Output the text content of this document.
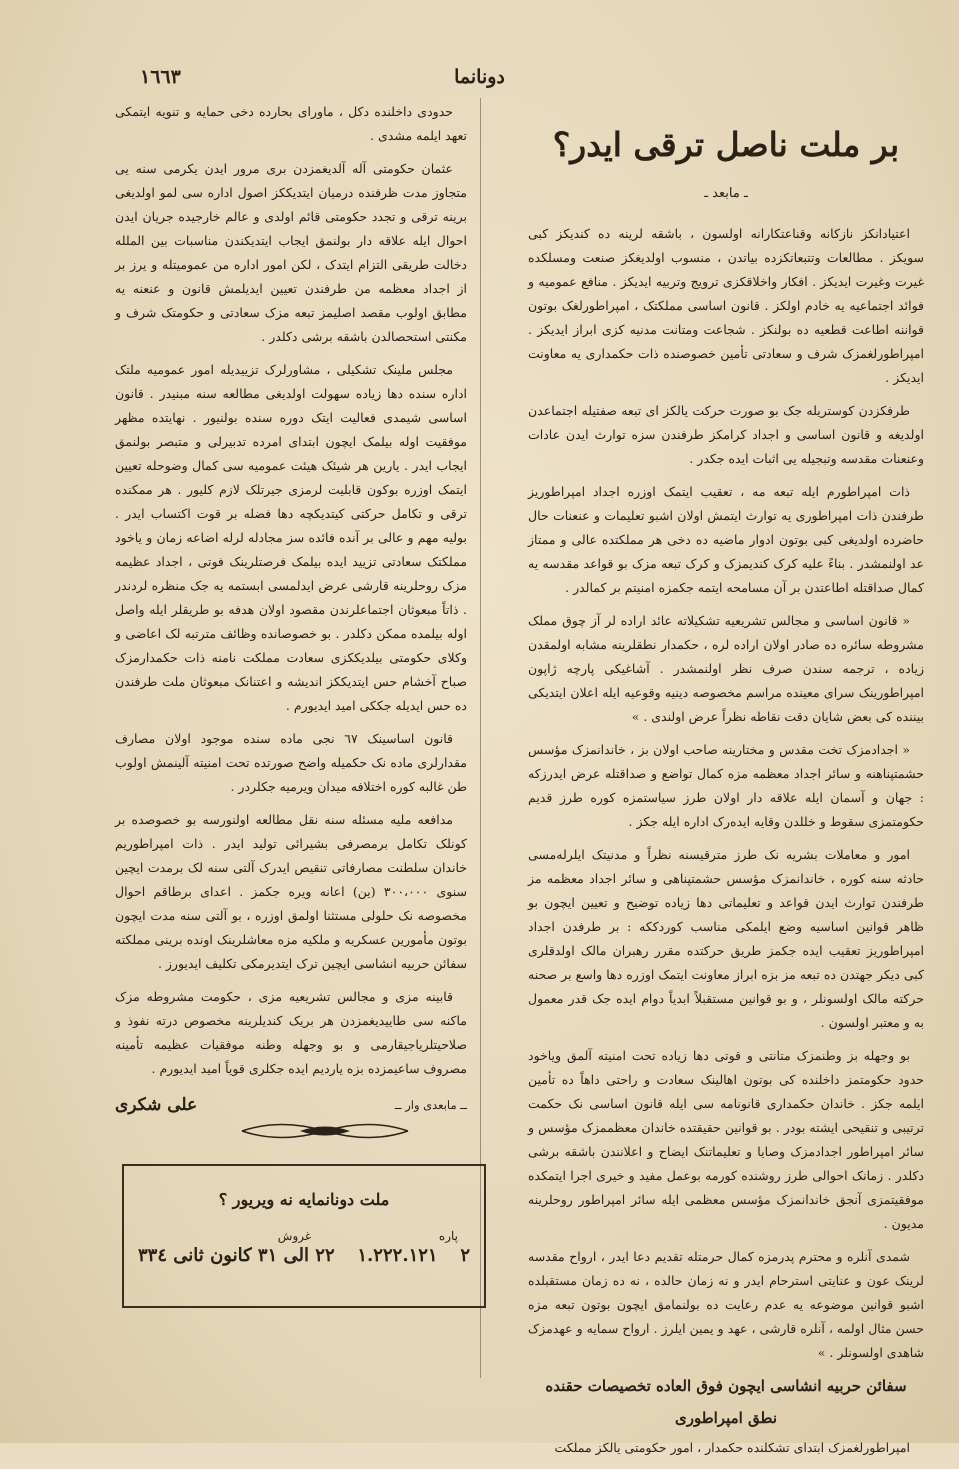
١٦٦٣	دونانما
بر ملت ناصل ترقی ایدر؟
ـ مابعد ـ

اعتیادانکز نازکانه وقناعتکارانه اولسون ، باشقه لرینه ده کندیکز کبی سویکز . مطالعات وتتبعاتکزده بیاتدن ، منسوب اولدیغکز صنعت ومسلکده غیرت وغیرت ایدیکز . افکار واخلاقکزی ترویج وتربیه ایدیکز . منافع عمومیه و فوائد اجتماعیه یه خادم اولکز . قانون اساسی مملکتک ، امپراطورلغک بوتون قواننه اطاعت قطعیه ده بولنکز . شجاعت ومتانت مدنیه کزی ابراز ایدیکز . امپراطورلغمزک شرف و سعادتی تأمین خصوصنده ذات حکمداری یه معاونت ایدیکز .

طرفکزدن کوستریله جک بو صورت حرکت یالکز ای تبعه صفتیله اجتماعدن اولدیغه و قانون اساسی و اجداد کرامکز طرفندن سزه توارث ایدن عادات وعنعنات مقدسه وتبجیله یی اثبات ایده جکدر .

ذات امپراطورم ایله تبعه مه ، تعقیب ایتمک اوزره اجداد امپراطوریز طرفندن ذات امپراطوری یه توارث ایتمش اولان اشبو تعلیمات و عنعنات حال حاضرده اولدیغی کبی بوتون ادوار ماضیه ده دخی هر مملکتده عالی و ممتاز عد اولنمشدر . بناءً علیه کرک کندیمزک و کرک تبعه مزک بو قواعد مقدسه یه کمال صداقتله اطاعتدن بر آن مسامحه ایتمه جکمزه امنیتم بر کمالدر .

« قانون اساسی و مجالس تشریعیه تشکیلاته عائد اراده لر آز چوق مملک مشروطه سائره ده صادر اولان اراده لره ، حکمدار نطقلرینه مشابه اولمقدن زیاده ، ترجمه سندن صرف نظر اولنمشدر . آشاغیکی پارچه ژاپون امپراطورینک سرای معینده مراسم مخصوصه دینیه وقوعیه ایله اعلان ایتدیکی بیننده کی بعض شایان دقت نقاطه نظراً عرض اولندی . »

« اجدادمزک تخت مقدس و مختارینه صاحب اولان بز ، خاندانمزک مؤسس حشمتپناهنه و سائر اجداد معظمه مزه کمال تواضع و صداقتله عرض ایدرزکه : جهان و آسمان ایله علاقه دار اولان طرز سیاستمزه کورە طرز قدیم حکومتمزی سقوط و خللدن وقایه ایدەرک اداره ایله جکز .

امور و معاملات بشریه نک طرز مترقیسنه نظراً و مدنیتک ایلرلەمسی حادثه سنه کوره ، خاندانمزک مؤسس حشمتپناهی و سائر اجداد معظمه مز طرفندن توارث ایدن قواعد و تعلیماتی دها زیاده توضیح و تعیین ایچون بو ظاهر قوانین اساسیه وضع ایلمکی مناسب کوردککه : بر طرفدن اجداد امپراطوریز تعقیب ایده جکمز طریق حرکتده مقرر رهبران مالک اولدقلری کبی دیکر جهتدن ده تبعه مز بزه ابراز معاونت ایتمک اوزره دها واسع بر صحنه حرکته مالک اولسونلر ، و بو قوانین مستقبلاً ابدیاً دوام ایده جک قدر معمول به و معتبر اولسون .

بو وجهله بز وطنمزک متانتی و قوتی دها زیاده تحت امنیته آلمق ویاخود حدود حکومتمز داخلنده کی بوتون اهالینک سعادت و راحتی داهاً ده تأمین ایلمه جکز . خاندان حکمداری قانونامه سی ایله قانون اساسی نک حکمت ترتیبی و تنقیحی ایشته بودر . بو قوانین حقیقتده خاندان معظممزک مؤسس و سائر امپراطور اجدادمزک وصایا و تعلیماتنک ایضاح و اعلانندن باشقه برشی دکلدر . زمانک احوالی طرز روشنده کورمه بوعمل مفید و خیری اجرا ایتمکده موفقیتمزی آنجق خاندانمزک مؤسس معظمی ایله سائر امپراطور روحلرینه مدیون .

شمدی آنلره و محترم پدرمزه کمال حرمتله تقدیم دعا ایدر ، ارواح مقدسه لرینک عون و عنایتی استرحام ایدر و نه زمان حالده ، نه ده زمان مستقبلده اشبو قوانین موضوعه یه عدم رعایت ده بولنمامق ایچون بوتون تبعه مزه حسن مثال اولمه ، آنلره قارشی ، عهد و یمین ایلرز . ارواح سمایه و عهدمزک شاهدی اولسونلر . »

سفائن حربیه انشاسی ایچون فوق العاده تخصیصات حقنده

نطق امپراطوری

امپراطورلغمزک ابتدای تشکلنده حکمدار ، امور حکومتی یالکز مملکت

حدودی داخلنده دکل ، ماورای بحارده دخی حمایه و تنویه ایتمکی تعهد ایلمه مشدی .

عثمان حکومتی آله آلدیغمزدن بری مرور ایدن یکرمی سنه یی متجاوز مدت ظرفنده درمیان ایتدیککز اصول اداره سی لمو اولدیغی برینه ترقی و تجدد حکومتی قائم اولدی و عالم خارجیده جریان ایدن احوال ایله علاقه دار بولنمق ایجاب ایتدیکندن مناسبات بین الملله دخالت طریقی التزام ایتدک ، لکن امور اداره من عمومیتله و یرز بر از اجداد معظمه من طرفندن تعیین ایدیلمش قانون و عنعنه یه مطابق اولوب مقصد اصلیمز تبعه مزک سعادتی و حکومتک شرف و مکنتی استحصالدن باشقه برشی دکلدر .

مجلس ملینک تشکیلی ، مشاورلرک تزییدیله امور عمومیه ملتک اداره سنده دها زیاده سهولت اولدیغی مطالعه سنه مبنیدر . قانون اساسی شیمدی فعالیت ایتک دوره سنده بولنیور . نهایتده مظهر موفقیت اوله بیلمک ایچون ابتدای امرده تدبیرلی و متبصر بولنمق ایجاب ایدر . یارین هر شیئک هیئت عمومیه سی کمال وضوحله تعیین ایتمک اوزره بوکون قابلیت لرمزی جیرتلک لازم کلیور . هر ممکنده ترقی و تکامل حرکتی کیتدیکچه دها فضله بر قوت اکتساب ایدر . بولیه مهم و عالی بر آنده فائده سز مجادله لرله اضاعه زمان و یاخود مملکتک سعادتی تزیید ایده بیلمک فرصتلرینک فوتی ، اجداد عظیمه مزک روحلرینه قارشی عرض ایدلمسی ابستمه یه جک منظره لردندر . ذاتاً مبعوثان اجتماعلرندن مقصود اولان هدفه بو طریقلر ایله واصل اوله بیلمده ممکن دکلدر . بو خصوصانده وظائف مترتبه لک اعاضی و وکلای حکومتی بیلدیککزی سعادت مملکت نامنه ذات حکمدارمزک صباح آخشام حس ایتدیککز اندیشه و اعتنانک مبعوثان ملت طرفندن ده حس ایدیله جککی امید ایدیورم .

قانون اساسینک ٦٧ نجی ماده سنده موجود اولان مصارف مقدارلری ماده نک حکمیله واضح صورتده تحت امنیته آلینمش اولوب طن غالبه کوره اختلافه میدان ویرمیه جکلردر .

مدافعه ملیه مسئله سنه نقل مطالعه اولنورسه بو خصوصده بر کونلک تکامل برمصرفی بشیرائی تولید ایدر . ذات امپراطوریم خاندان سلطنت مصارفاتی تنقیص ایدرک آلتی سنه لک برمدت ایچین سنوی ٣٠٠،٠٠٠ (ین) اعانه ویره جکمز . اعدای برطاقم احوال مخصوصه نک حلولی مستثنا اولمق اوزره ، بو آلتی سنه مدت ایچون بوتون مأمورین عسکریه و ملکیه مزه معاشلرینک اونده برینی مملکته سفائن حربیه انشاسی ایچین ترک ایتدیرمکی تکلیف ایدیورز .

قابینه مزی و مجالس تشریعیه مزی ، حکومت مشروطه مزک ماکنه سی طاییدیغمزدن هر بریک کندیلرینه مخصوص درته نفوذ و صلاحیتلریاجیقارمی و بو وجهله وطنه موفقیات عظیمه تأمینه مصروف ساعیمزده بزه یاردیم ایده جکلری قویاً امید ایدیورم .

ــ مابعدی وار ــ
علی شکری
ملت دونانمایه نه ویریور ؟
پاره
غروش
٢
١.٢٢٢.١٢١
٢٢ الی ٣١ کانون ثانی ٣٣٤
